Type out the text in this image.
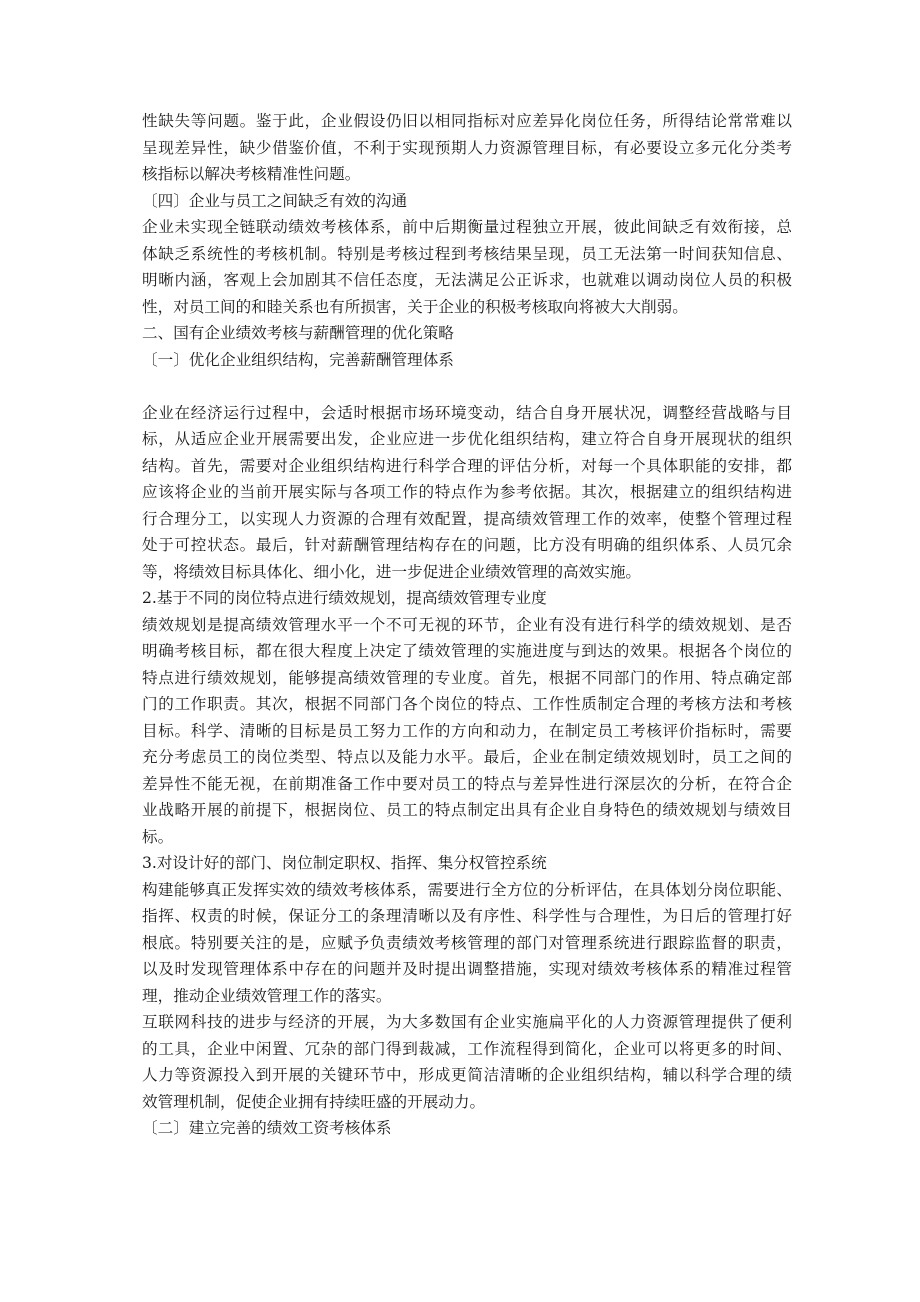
性缺失等问题。鉴于此，企业假设仍旧以相同指标对应差异化岗位任务，所得结论常常难以
呈现差异性，缺少借鉴价值，不利于实现预期人力资源管理目标，有必要设立多元化分类考
核指标以解决考核精准性问题。
〔四〕企业与员工之间缺乏有效的沟通
企业未实现全链联动绩效考核体系，前中后期衡量过程独立开展，彼此间缺乏有效衔接，总
体缺乏系统性的考核机制。特别是考核过程到考核结果呈现，员工无法第一时间获知信息、
明晰内涵，客观上会加剧其不信任态度，无法满足公正诉求，也就难以调动岗位人员的积极
性，对员工间的和睦关系也有所损害，关于企业的积极考核取向将被大大削弱。
二、国有企业绩效考核与薪酬管理的优化策略
〔一〕优化企业组织结构，完善薪酬管理体系
企业在经济运行过程中，会适时根据市场环境变动，结合自身开展状况，调整经营战略与目
标，从适应企业开展需要出发，企业应进一步优化组织结构，建立符合自身开展现状的组织
结构。首先，需要对企业组织结构进行科学合理的评估分析，对每一个具体职能的安排，都
应该将企业的当前开展实际与各项工作的特点作为参考依据。其次，根据建立的组织结构进
行合理分工，以实现人力资源的合理有效配置，提高绩效管理工作的效率，使整个管理过程
处于可控状态。最后，针对薪酬管理结构存在的问题，比方没有明确的组织体系、人员冗余
等，将绩效目标具体化、细小化，进一步促进企业绩效管理的高效实施。
2.基于不同的岗位特点进行绩效规划，提高绩效管理专业度
绩效规划是提高绩效管理水平一个不可无视的环节，企业有没有进行科学的绩效规划、是否
明确考核目标，都在很大程度上决定了绩效管理的实施进度与到达的效果。根据各个岗位的
特点进行绩效规划，能够提高绩效管理的专业度。首先，根据不同部门的作用、特点确定部
门的工作职责。其次，根据不同部门各个岗位的特点、工作性质制定合理的考核方法和考核
目标。科学、清晰的目标是员工努力工作的方向和动力，在制定员工考核评价指标时，需要
充分考虑员工的岗位类型、特点以及能力水平。最后，企业在制定绩效规划时，员工之间的
差异性不能无视，在前期准备工作中要对员工的特点与差异性进行深层次的分析，在符合企
业战略开展的前提下，根据岗位、员工的特点制定出具有企业自身特色的绩效规划与绩效目
标。
3.对设计好的部门、岗位制定职权、指挥、集分权管控系统
构建能够真正发挥实效的绩效考核体系，需要进行全方位的分析评估，在具体划分岗位职能、
指挥、权责的时候，保证分工的条理清晰以及有序性、科学性与合理性，为日后的管理打好
根底。特别要关注的是，应赋予负责绩效考核管理的部门对管理系统进行跟踪监督的职责，
以及时发现管理体系中存在的问题并及时提出调整措施，实现对绩效考核体系的精准过程管
理，推动企业绩效管理工作的落实。
互联网科技的进步与经济的开展，为大多数国有企业实施扁平化的人力资源管理提供了便利
的工具，企业中闲置、冗杂的部门得到裁减，工作流程得到简化，企业可以将更多的时间、
人力等资源投入到开展的关键环节中，形成更简洁清晰的企业组织结构，辅以科学合理的绩
效管理机制，促使企业拥有持续旺盛的开展动力。
〔二〕建立完善的绩效工资考核体系
